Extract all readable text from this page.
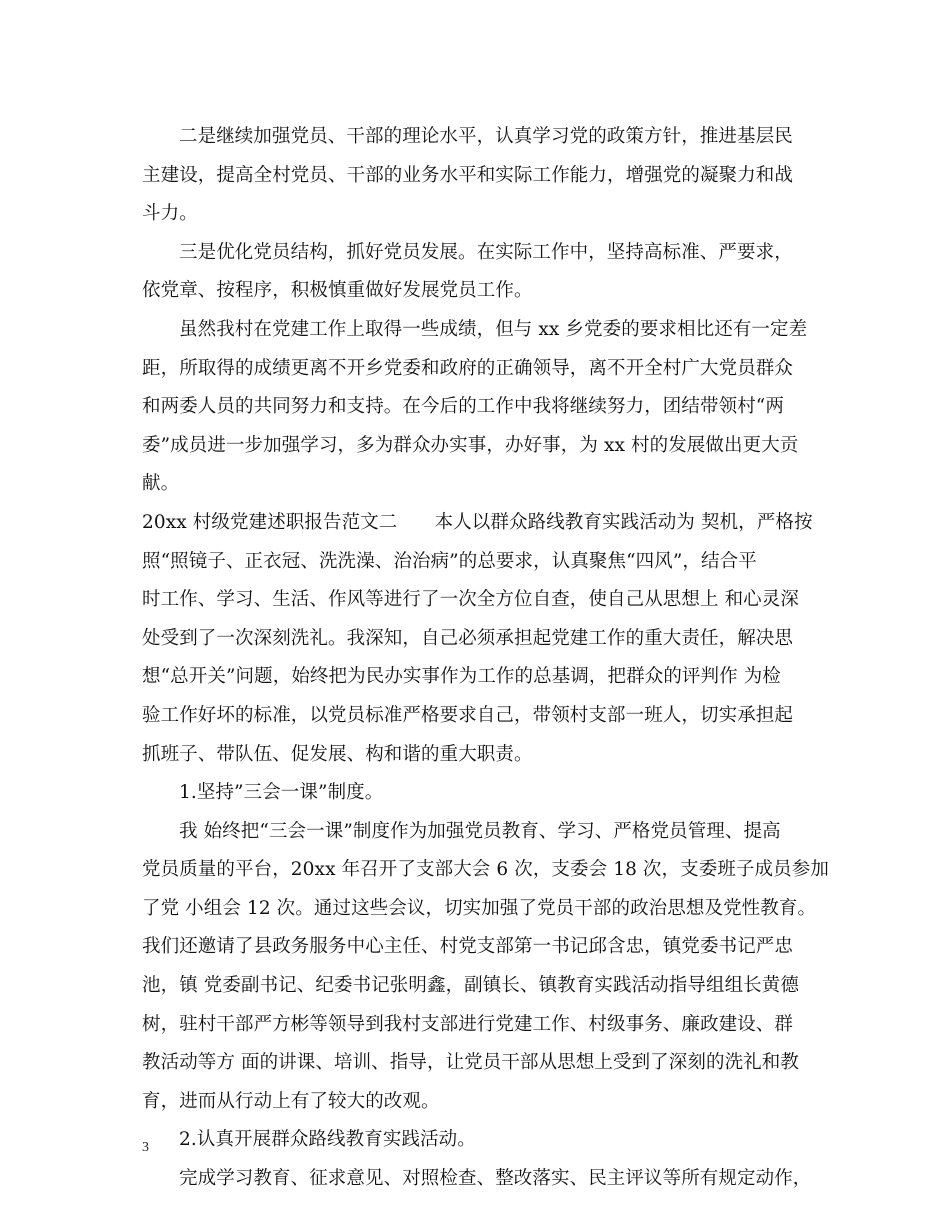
二是继续加强党员、干部的理论水平，认真学习党的政策方针，推进基层民
主建设，提高全村党员、干部的业务水平和实际工作能力，增强党的凝聚力和战
斗力。
三是优化党员结构，抓好党员发展。在实际工作中，坚持高标准、严要求，
依党章、按程序，积极慎重做好发展党员工作。
虽然我村在党建工作上取得一些成绩，但与 xx 乡党委的要求相比还有一定差
距，所取得的成绩更离不开乡党委和政府的正确领导，离不开全村广大党员群众
和两委人员的共同努力和支持。在今后的工作中我将继续努力，团结带领村“两
委”成员进一步加强学习，多为群众办实事，办好事，为 xx 村的发展做出更大贡
献。
20xx 村级党建述职报告范文二　　本人以群众路线教育实践活动为 契机，严格按
照“照镜子、正衣冠、洗洗澡、治治病”的总要求，认真聚焦“四风”，结合平
时工作、学习、生活、作风等进行了一次全方位自查，使自己从思想上 和心灵深
处受到了一次深刻洗礼。我深知，自己必须承担起党建工作的重大责任，解决思
想“总开关”问题，始终把为民办实事作为工作的总基调，把群众的评判作 为检
验工作好坏的标准，以党员标准严格要求自己，带领村支部一班人，切实承担起
抓班子、带队伍、促发展、构和谐的重大职责。
1.坚持”三会一课”制度。
我 始终把“三会一课”制度作为加强党员教育、学习、严格党员管理、提高
党员质量的平台，20xx 年召开了支部大会 6 次，支委会 18 次，支委班子成员参加
了党 小组会 12 次。通过这些会议，切实加强了党员干部的政治思想及党性教育。
我们还邀请了县政务服务中心主任、村党支部第一书记邱含忠，镇党委书记严忠
池，镇 党委副书记、纪委书记张明鑫，副镇长、镇教育实践活动指导组组长黄德
树，驻村干部严方彬等领导到我村支部进行党建工作、村级事务、廉政建设、群
教活动等方 面的讲课、培训、指导，让党员干部从思想上受到了深刻的洗礼和教
育，进而从行动上有了较大的改观。
2.认真开展群众路线教育实践活动。
完成学习教育、征求意见、对照检查、整改落实、民主评议等所有规定动作，
3
